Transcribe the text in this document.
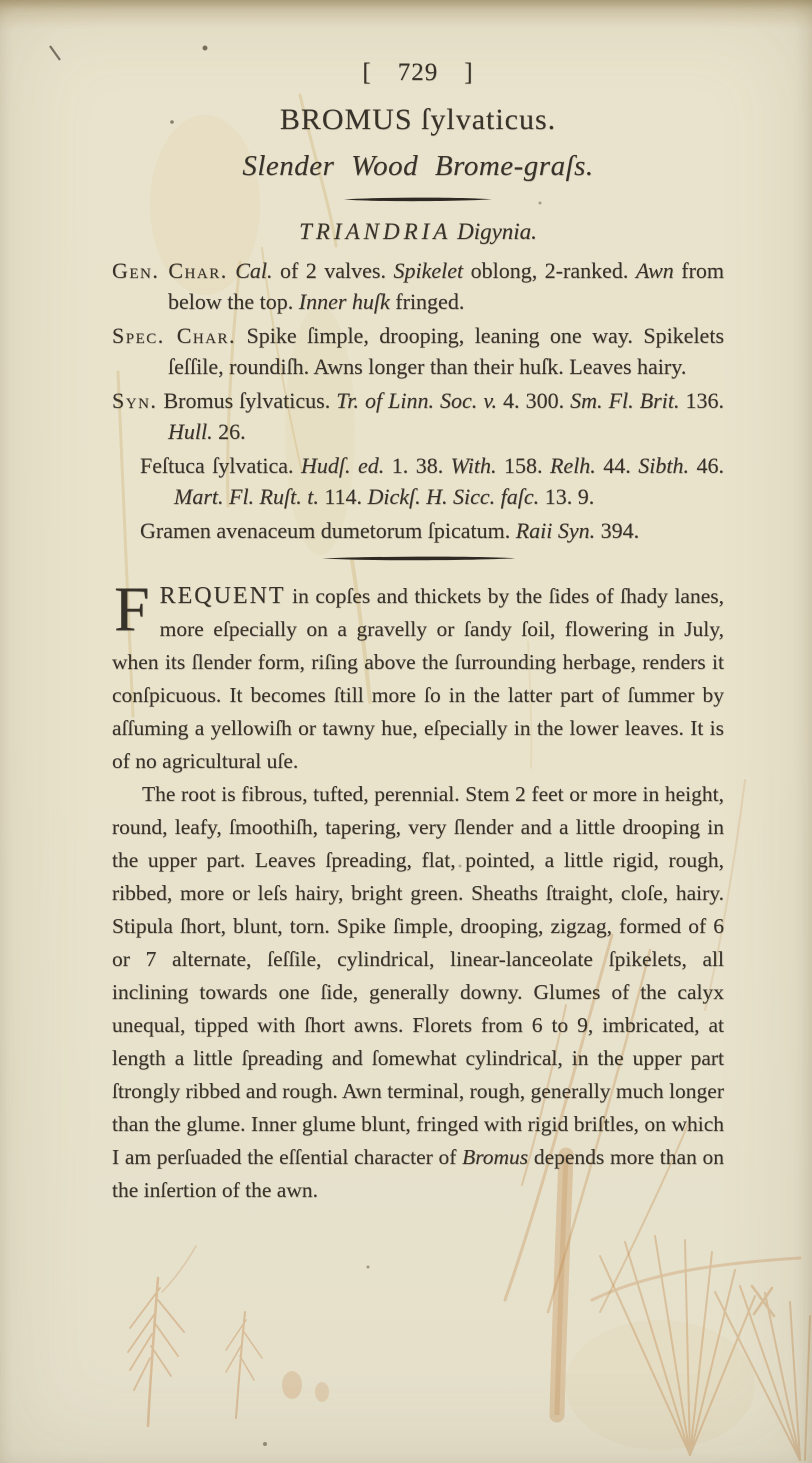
[ 729 ]
BROMUS ſylvaticus.
Slender Wood Brome-graſs.
TRIANDRIA Digynia.

Gen. Char. Cal. of 2 valves. Spikelet oblong, 2-ranked. Awn from below the top. Inner huſk fringed.

Spec. Char. Spike ſimple, drooping, leaning one way. Spikelets ſeſſile, roundiſh. Awns longer than their huſk. Leaves hairy.

Syn. Bromus ſylvaticus. Tr. of Linn. Soc. v. 4. 300. Sm. Fl. Brit. 136. Hull. 26.

Feſtuca ſylvatica. Hudſ. ed. 1. 38. With. 158. Relh. 44. Sibth. 46. Mart. Fl. Ruſt. t. 114. Dickſ. H. Sicc. faſc. 13. 9.

Gramen avenaceum dumetorum ſpicatum. Raii Syn. 394.

FREQUENT in copſes and thickets by the ſides of ſhady lanes, more eſpecially on a gravelly or ſandy ſoil, flowering in July, when its ſlender form, riſing above the ſurrounding herbage, renders it conſpicuous. It becomes ſtill more ſo in the latter part of ſummer by aſſuming a yellowiſh or tawny hue, eſpecially in the lower leaves. It is of no agricultural uſe.

The root is fibrous, tufted, perennial. Stem 2 feet or more in height, round, leafy, ſmoothiſh, tapering, very ſlender and a little drooping in the upper part. Leaves ſpreading, flat, pointed, a little rigid, rough, ribbed, more or leſs hairy, bright green. Sheaths ſtraight, cloſe, hairy. Stipula ſhort, blunt, torn. Spike ſimple, drooping, zigzag, formed of 6 or 7 alternate, ſeſſile, cylindrical, linear-lanceolate ſpikelets, all inclining towards one ſide, generally downy. Glumes of the calyx unequal, tipped with ſhort awns. Florets from 6 to 9, imbricated, at length a little ſpreading and ſomewhat cylindrical, in the upper part ſtrongly ribbed and rough. Awn terminal, rough, generally much longer than the glume. Inner glume blunt, fringed with rigid briſtles, on which I am perſuaded the eſſential character of Bromus depends more than on the inſertion of the awn.
